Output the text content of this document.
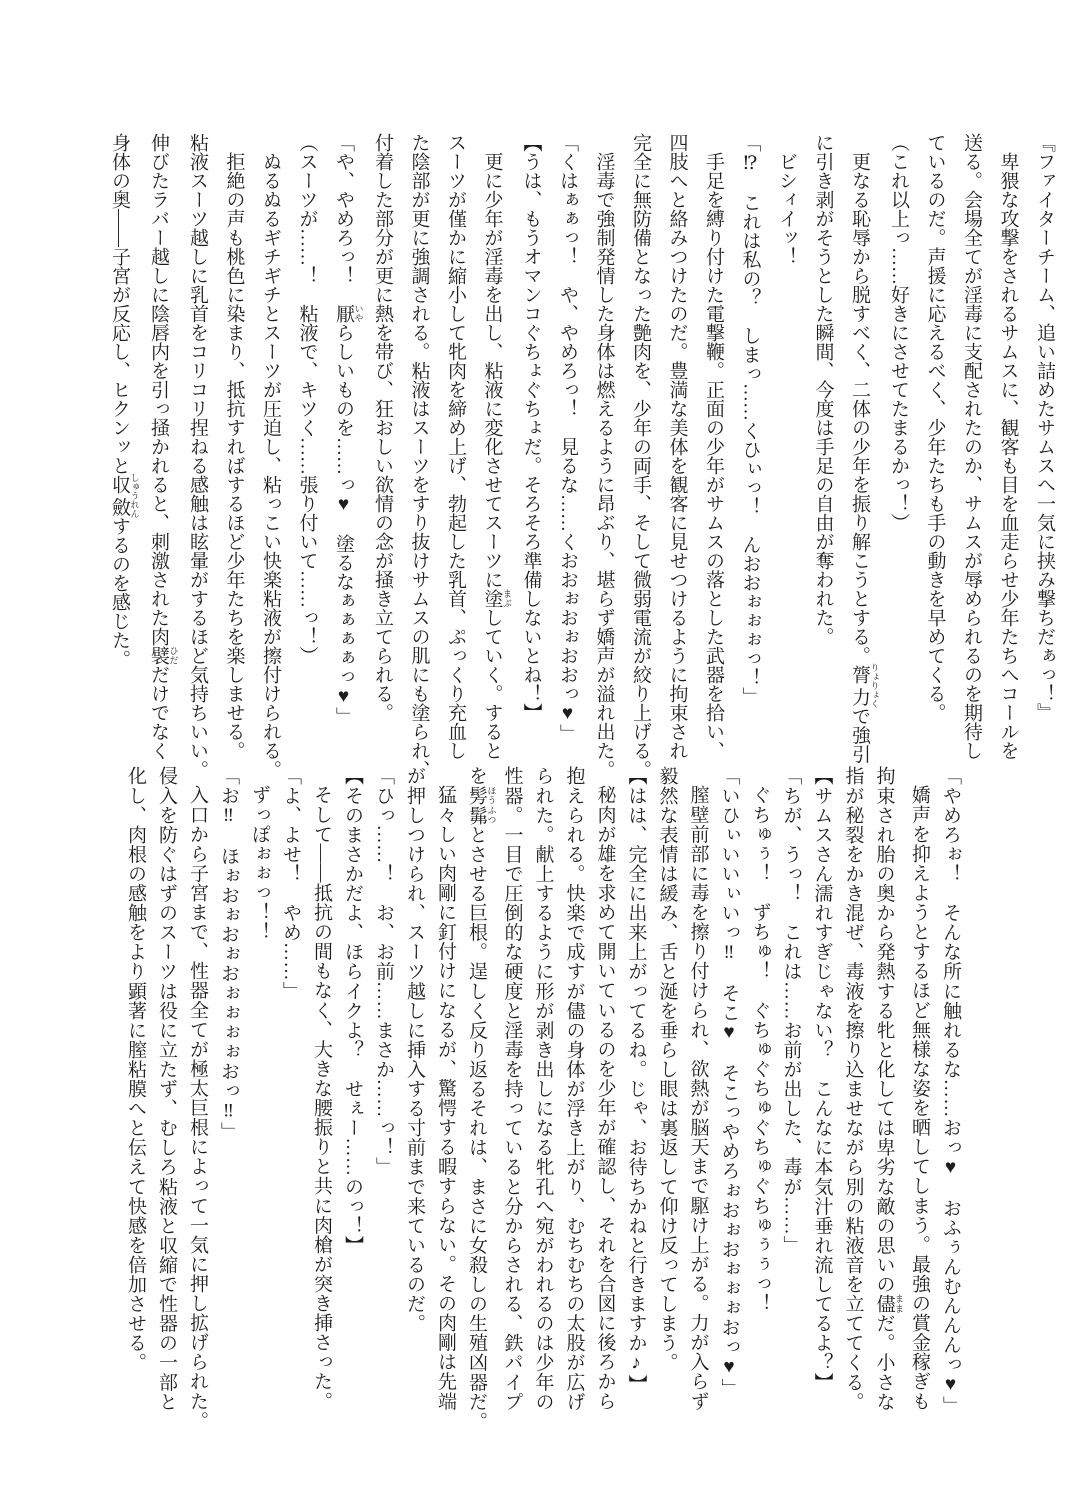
『ファイターチーム、追い詰めたサムスへ一気に挟み撃ちだぁっ！』

卑猥な攻撃をされるサムスに、観客も目を血走らせ少年たちへコールを

送る。会場全てが淫毒に支配されたのか、サムスが辱められるのを期待し

ているのだ。声援に応えるべく、少年たちも手の動きを早めてくる。

（これ以上っ……好きにさせてたまるかっ！）

更なる恥辱から脱すべく、二体の少年を振り解こうとする。膂力 りょりょくで強引

に引き剥がそうとした瞬間、今度は手足の自由が奪われた。

ビシィイッ！

「⁉　これは私の？　しまっ……くひぃっ！　んおおぉぉぉっ！」

手足を縛り付けた電撃鞭。正面の少年がサムスの落とした武器を拾い、

四肢へと絡みつけたのだ。豊満な美体を観客に見せつけるように拘束され

完全に無防備となった艶肉を、少年の両手、そして微弱電流が絞り上げる。

淫毒で強制発情した身体は燃えるように昂ぶり、堪らず嬌声が溢れ出た。

「くはぁぁっ！　や、やめろっ！　見るな……くおおぉおぉおおっ♥」

【うは、もうオマンコぐちょぐちょだ。そろそろ準備しないとね！】

更に少年が淫毒を出し、粘液に変化させてスーツに塗 まぶしていく。すると

スーツが僅かに縮小して牝肉を締め上げ、勃起した乳首、ぷっくり充血し

た陰部が更に強調される。粘液はスーツをすり抜けサムスの肌にも塗られ、

付着した部分が更に熱を帯び、狂おしい欲情の念が掻き立てられる。

「や、やめろっ！　厭 いやらしいものを……っ♥　塗るなぁぁぁぁっ♥」

（スーツが……！　粘液で、キツく……張り付いて……っ！）

ぬるぬるギチギチとスーツが圧迫し、粘っこい快楽粘液が擦付けられる。

拒絶の声も桃色に染まり、抵抗すればするほど少年たちを楽しませる。

粘液スーツ越しに乳首をコリコリ捏ねる感触は眩暈がするほど気持ちいい。

伸びたラバー越しに陰唇内を引っ掻かれると、刺激された肉襞 ひだだけでなく

身体の奥――子宮が反応し、ヒクンッと収斂 しゅうれんするのを感じた。

「やめろぉ！　そんな所に触れるな……おっ♥　おふぅんむんんんっ♥」

嬌声を抑えようとするほど無様な姿を晒してしまう。最強の賞金稼ぎも

拘束され胎の奥から発熱する牝と化しては卑劣な敵の思いの儘 ままだ。小さな

指が秘裂をかき混ぜ、毒液を擦り込ませながら別の粘液音を立ててくる。

【サムスさん濡れすぎじゃない？　こんなに本気汁垂れ流してるよ？】

「ちが、うっ！　これは……お前が出した、毒が……」

ぐちゅぅ！　ずちゅ！　ぐちゅぐちゅぐちゅぐちゅぅぅっ！

「いひぃいいぃいっ‼　そこ♥　そこっやめろぉおぉおぉぉぉおっ♥」

膣壁前部に毒を擦り付けられ、欲熱が脳天まで駆け上がる。力が入らず

毅然な表情は緩み、舌と涎を垂らし眼は裏返して仰け反ってしまう。

【はは、完全に出来上がってるね。じゃ、お待ちかねと行きますか♪】

秘肉が雄を求めて開いているのを少年が確認し、それを合図に後ろから

抱えられる。快楽で成すが儘の身体が浮き上がり、むちむちの太股が広げ

られた。献上するように形が剥き出しになる牝孔へ宛がわれるのは少年の

性器。一目で圧倒的な硬度と淫毒を持っていると分からされる、鉄パイプ

を髣髴 ほうふつとさせる巨根。逞しく反り返るそれは、まさに女殺しの生殖凶器だ。

猛々しい肉剛に釘付けになるが、驚愕する暇すらない。その肉剛は先端

が押しつけられ、スーツ越しに挿入する寸前まで来ているのだ。

「ひっ……！　お、お前……まさか……っ！」

【そのまさかだよ、ほらイクよ？　せぇー……のっ！】

そして――抵抗の間もなく、大きな腰振りと共に肉槍が突き挿さった。

「よ、よせ！　やめ……」

ずっぽぉぉっ！！

「お‼　ほぉおぉおぉおぉぉぉぉおっ‼」

入口から子宮まで、性器全てが極太巨根によって一気に押し拡げられた。

侵入を防ぐはずのスーツは役に立たず、むしろ粘液と収縮で性器の一部と

化し、肉根の感触をより顕著に膣粘膜へと伝えて快感を倍加させる。
